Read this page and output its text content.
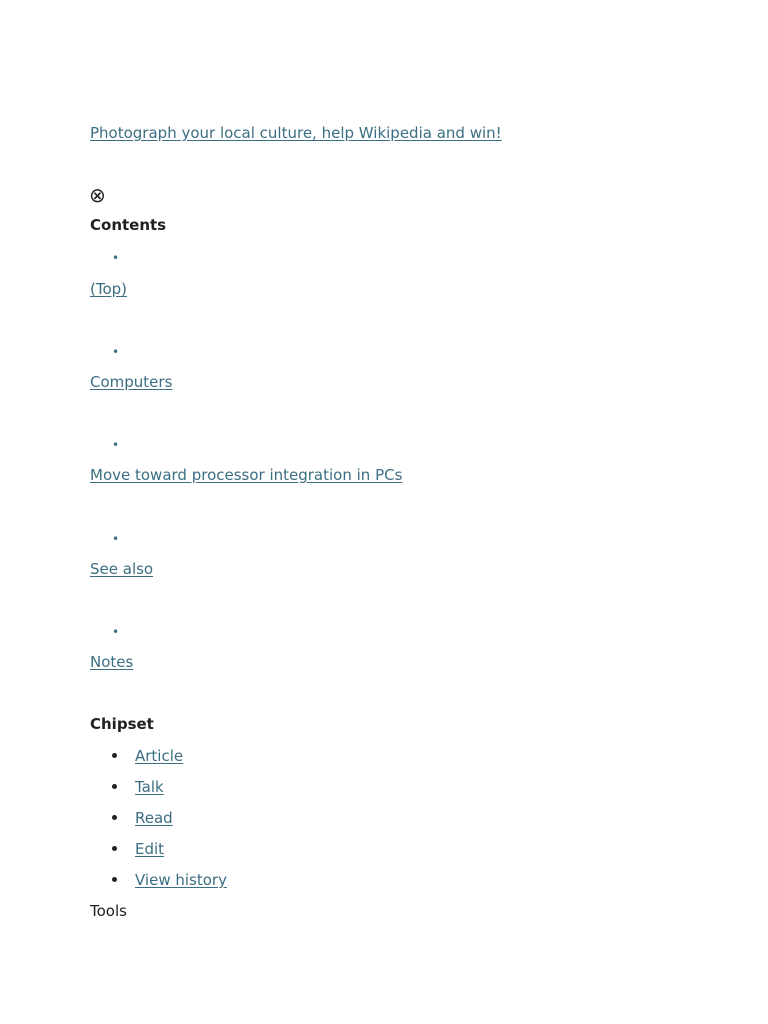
Photograph your local culture, help Wikipedia and win!
⊗
Contents
•
(Top)
•
Computers
•
Move toward processor integration in PCs
•
See also
•
Notes
Chipset
Article
Talk
Read
Edit
View history
Tools
